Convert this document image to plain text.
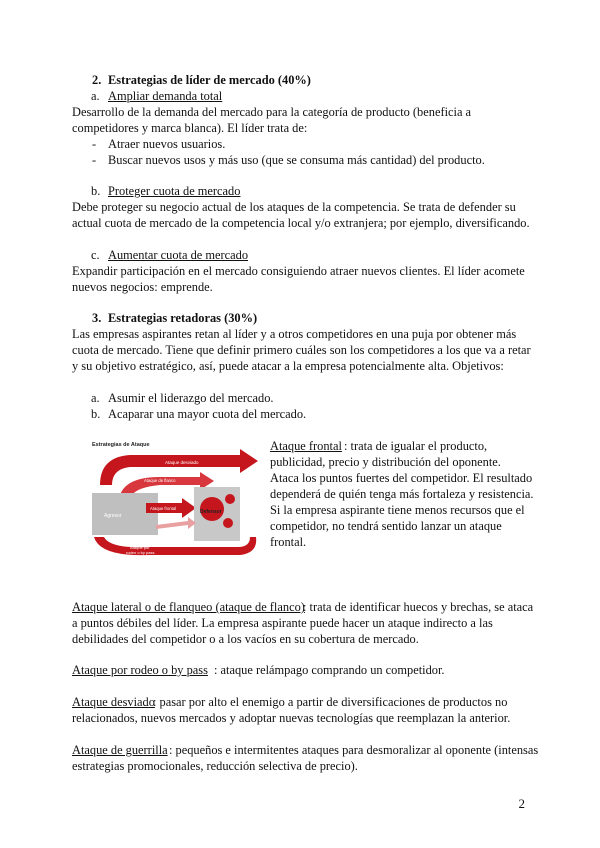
2. Estrategias de líder de mercado (40%)
a. Ampliar demanda total
Desarrollo de la demanda del mercado para la categoría de producto (beneficia a
competidores y marca blanca). El líder trata de:
- Atraer nuevos usuarios.
- Buscar nuevos usos y más uso (que se consuma más cantidad) del producto.
b. Proteger cuota de mercado
Debe proteger su negocio actual de los ataques de la competencia. Se trata de defender su
actual cuota de mercado de la competencia local y/o extranjera; por ejemplo, diversificando.
c. Aumentar cuota de mercado
Expandir participación en el mercado consiguiendo atraer nuevos clientes. El líder acomete
nuevos negocios: emprende.
3. Estrategias retadoras (30%)
Las empresas aspirantes retan al líder y a otros competidores en una puja por obtener más
cuota de mercado. Tiene que definir primero cuáles son los competidores a los que va a retar
y su objetivo estratégico, así, puede atacar a la empresa potencialmente alta. Objetivos:
a. Asumir el liderazgo del mercado.
b. Acaparar una mayor cuota del mercado.
Estrategias de Ataque
Ataque desviado
Ataque de flanco
Agresor
Ataque frontal
Defensor
Ataque de
guerrilla
Ataque por
rodeo o by pass
Ataque frontal : trata de igualar el producto,
publicidad, precio y distribución del oponente.
Ataca los puntos fuertes del competidor. El resultado
dependerá de quién tenga más fortaleza y resistencia.
Si la empresa aspirante tiene menos recursos que el
competidor, no tendrá sentido lanzar un ataque
frontal.
Ataque lateral o de flanqueo (ataque de flanco)
: trata de identificar huecos y brechas, se ataca
a puntos débiles del líder. La empresa aspirante puede hacer un ataque indirecto a las
debilidades del competidor o a los vacíos en su cobertura de mercado.
Ataque por rodeo o by pass : ataque relámpago comprando un competidor.
Ataque desviado
: pasar por alto el enemigo a partir de diversificaciones de productos no
relacionados, nuevos mercados y adoptar nuevas tecnologías que reemplazan la anterior.
Ataque de guerrilla : pequeños e intermitentes ataques para desmoralizar al oponente (intensas
estrategias promocionales, reducción selectiva de precio).
2
